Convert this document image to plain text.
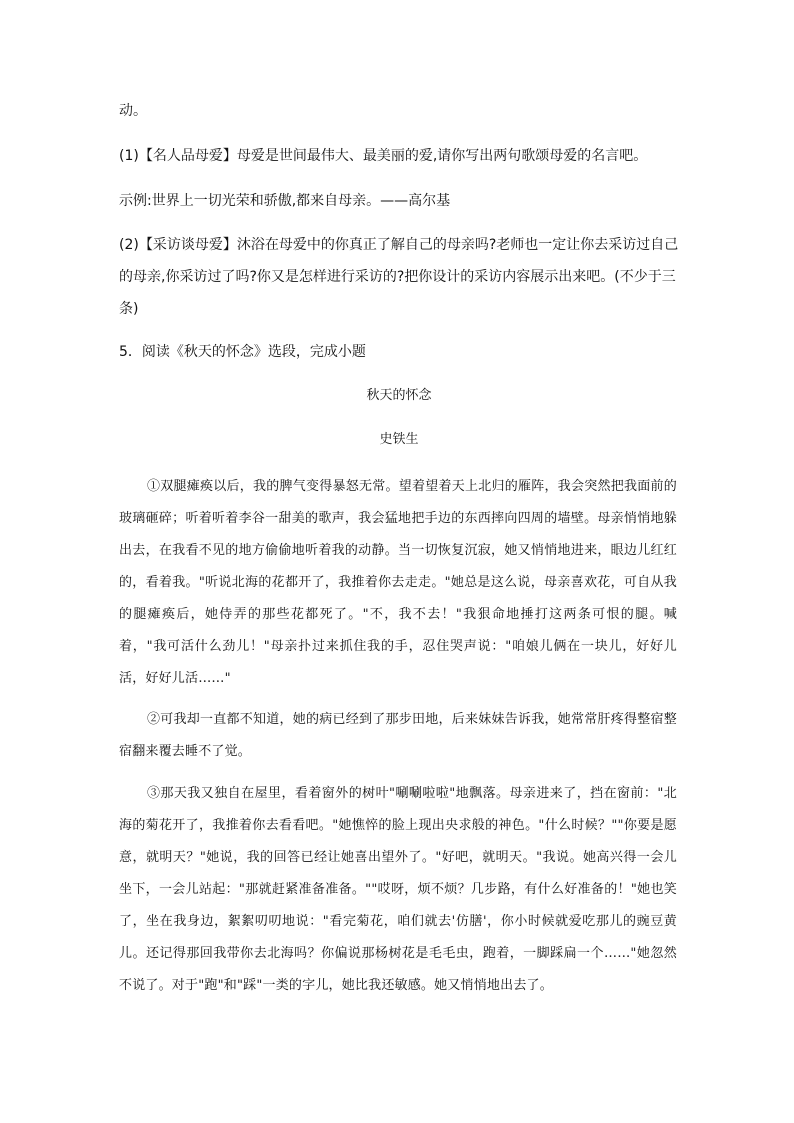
动。

(1)【名人品母爱】母爱是世间最伟大、最美丽的爱,请你写出两句歌颂母爱的名言吧。

示例:世界上一切光荣和骄傲,都来自母亲。——高尔基

(2)【采访谈母爱】沐浴在母爱中的你真正了解自己的母亲吗?老师也一定让你去采访过自己的母亲,你采访过了吗?你又是怎样进行采访的?把你设计的采访内容展示出来吧。(不少于三条)

5．阅读《秋天的怀念》选段，完成小题

秋天的怀念

史铁生

①双腿瘫痪以后，我的脾气变得暴怒无常。望着望着天上北归的雁阵，我会突然把我面前的玻璃砸碎；听着听着李谷一甜美的歌声，我会猛地把手边的东西摔向四周的墙壁。母亲悄悄地躲出去，在我看不见的地方偷偷地听着我的动静。当一切恢复沉寂，她又悄悄地进来，眼边儿红红的，看着我。"听说北海的花都开了，我推着你去走走。"她总是这么说，母亲喜欢花，可自从我的腿瘫痪后，她侍弄的那些花都死了。"不，我不去！"我狠命地捶打这两条可恨的腿。喊着，"我可活什么劲儿！"母亲扑过来抓住我的手，忍住哭声说："咱娘儿俩在一块儿，好好儿活，好好儿活……"

②可我却一直都不知道，她的病已经到了那步田地，后来妹妹告诉我，她常常肝疼得整宿整宿翻来覆去睡不了觉。

③那天我又独自在屋里，看着窗外的树叶"唰唰啦啦"地飘落。母亲进来了，挡在窗前："北海的菊花开了，我推着你去看看吧。"她憔悴的脸上现出央求般的神色。"什么时候？""你要是愿意，就明天？"她说，我的回答已经让她喜出望外了。"好吧，就明天。"我说。她高兴得一会儿坐下，一会儿站起："那就赶紧准备准备。""哎呀，烦不烦？几步路，有什么好准备的！"她也笑了，坐在我身边，絮絮叨叨地说："看完菊花，咱们就去'仿膳'，你小时候就爱吃那儿的豌豆黄儿。还记得那回我带你去北海吗？你偏说那杨树花是毛毛虫，跑着，一脚踩扁一个……"她忽然不说了。对于"跑"和"踩"一类的字儿，她比我还敏感。她又悄悄地出去了。
